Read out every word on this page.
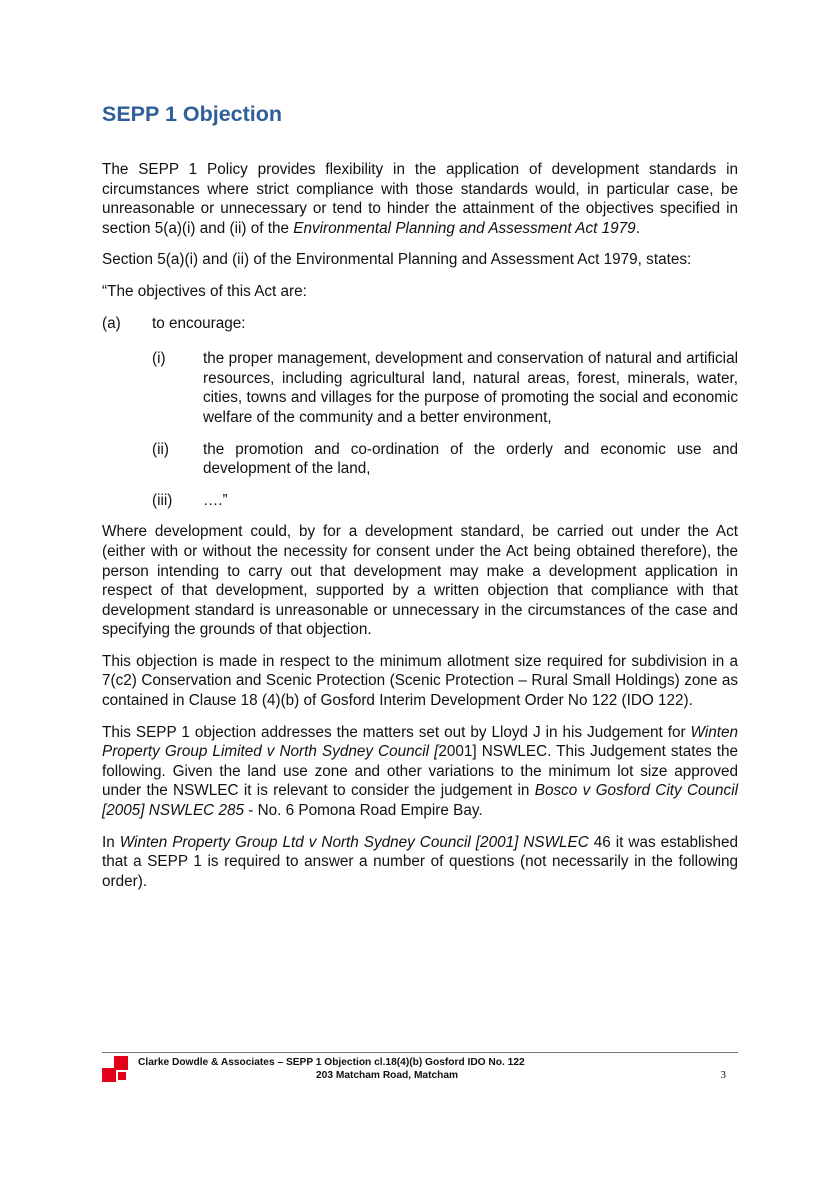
SEPP 1 Objection

The SEPP 1 Policy provides flexibility in the application of development standards in circumstances where strict compliance with those standards would, in particular case, be unreasonable or unnecessary or tend to hinder the attainment of the objectives specified in section 5(a)(i) and (ii) of the Environmental Planning and Assessment Act 1979.

Section 5(a)(i) and (ii) of the Environmental Planning and Assessment Act 1979, states:

“The objectives of this Act are:

(a)	to encourage:
(i)	the proper management, development and conservation of natural and artificial resources, including agricultural land, natural areas, forest, minerals, water, cities, towns and villages for the purpose of promoting the social and economic welfare of the community and a better environment,
(ii)	the promotion and co-ordination of the orderly and economic use and development of the land,
(iii)	….”

Where development could, by for a development standard, be carried out under the Act (either with or without the necessity for consent under the Act being obtained therefore), the person intending to carry out that development may make a development application in respect of that development, supported by a written objection that compliance with that development standard is unreasonable or unnecessary in the circumstances of the case and specifying the grounds of that objection.

This objection is made in respect to the minimum allotment size required for subdivision in a 7(c2) Conservation and Scenic Protection (Scenic Protection – Rural Small Holdings) zone as contained in Clause 18 (4)(b) of Gosford Interim Development Order No 122 (IDO 122).

This SEPP 1 objection addresses the matters set out by Lloyd J in his Judgement for Winten Property Group Limited v North Sydney Council [2001] NSWLEC. This Judgement states the following. Given the land use zone and other variations to the minimum lot size approved under the NSWLEC it is relevant to consider the judgement in Bosco v Gosford City Council [2005] NSWLEC 285 - No. 6 Pomona Road Empire Bay.

In Winten Property Group Ltd v North Sydney Council [2001] NSWLEC 46 it was established that a SEPP 1 is required to answer a number of questions (not necessarily in the following order).

Clarke Dowdle & Associates – SEPP 1 Objection cl.18(4)(b) Gosford IDO No. 122
203 Matcham Road, Matcham	3
